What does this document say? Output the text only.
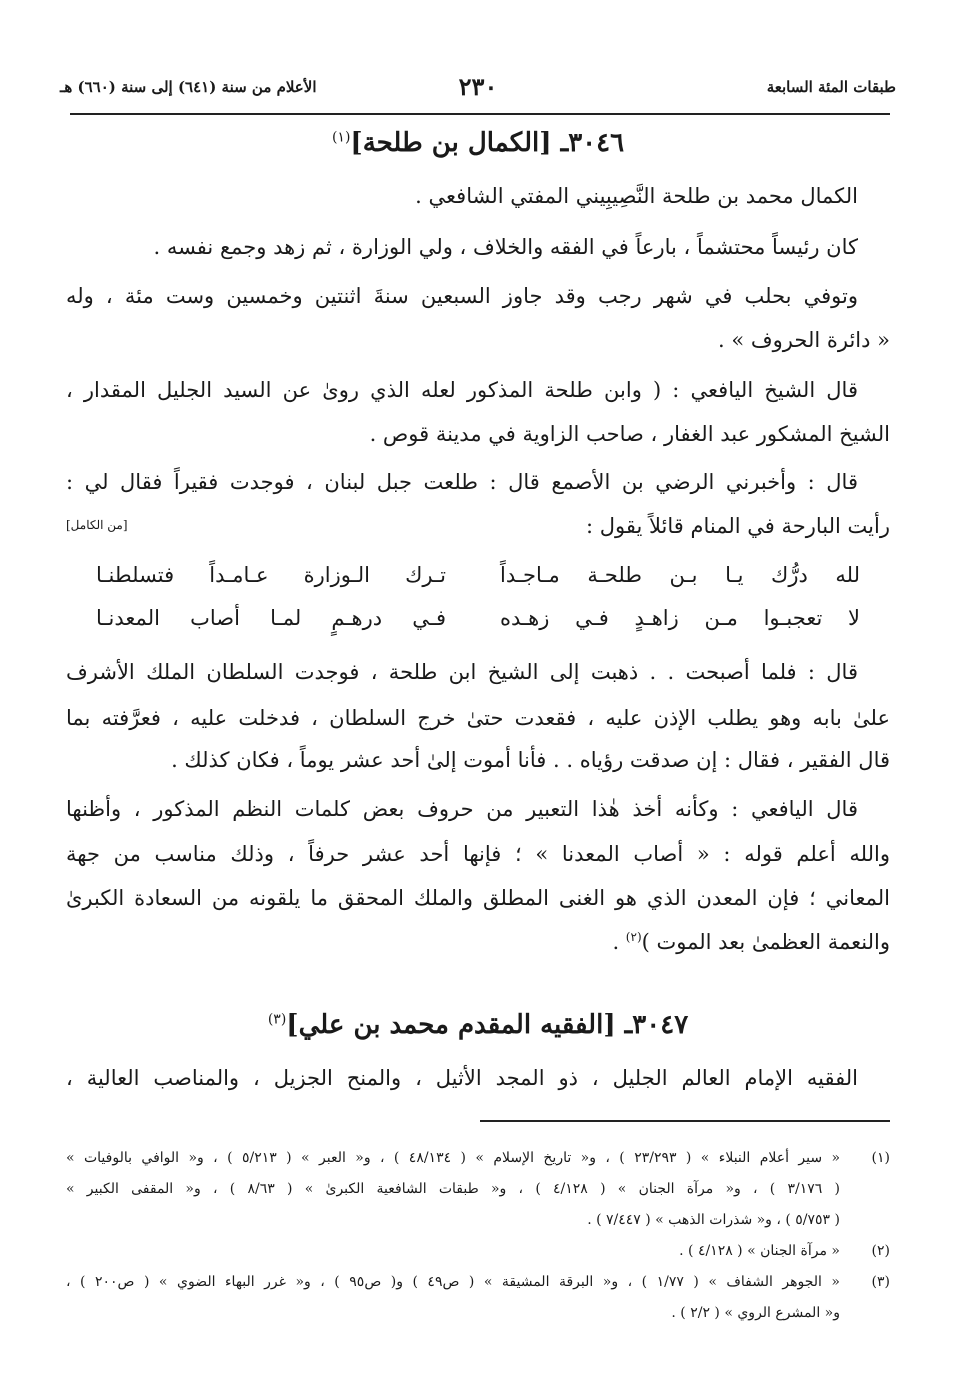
طبقات المئة السابعة
٢٣٠
الأعلام من سنة (٦٤١) إلى سنة (٦٦٠) هـ
٣٠٤٦ـ [الكمال بن طلحة]$^{(١)}$
الكمال محمد بن طلحة النَّصِيبِيني المفتي الشافعي .
كان رئيساً محتشماً ، بارعاً في الفقه والخلاف ، ولي الوزارة ، ثم زهد وجمع نفسه .
وتوفي بحلب في شهر رجب وقد جاوز السبعين سنةَ اثنتين وخمسين وست مئة ، وله
« دائرة الحروف » .
قال الشيخ اليافعي : ( وابن طلحة المذكور لعله الذي روىٰ عن السيد الجليل المقدار ،
الشيخ المشكور عبد الغفار ، صاحب الزاوية في مدينة قوص .
قال : وأخبرني الرضي بن الأصمع قال : طلعت جبل لبنان ، فوجدت فقيراً فقال لي :
رأيت البارحة في المنام قائلاً يقول :
[من الكامل]
لله درُّك يـا بـن طلحـة مـاجـداً
تـرك الـوزارة عـامـداً فتسلطنـا
لا تعجبـوا مـن زاهـدٍ فـي زهـده
فـي درهـمٍ لمـا أصاب المعدنـا
قال : فلما أصبحت . . ذهبت إلى الشيخ ابن طلحة ، فوجدت السلطان الملك الأشرف
علىٰ بابه وهو يطلب الإذن عليه ، فقعدت حتىٰ خرج السلطان ، فدخلت عليه ، فعرَّفته بما
قال الفقير ، فقال : إن صدقت رؤياه . . فأنا أموت إلىٰ أحد عشر يوماً ، فكان كذلك .
قال اليافعي : وكأنه أخذ هٰذا التعبير من حروف بعض كلمات النظم المذكور ، وأظنها
والله أعلم قوله : « أصاب المعدنا » ؛ فإنها أحد عشر حرفاً ، وذلك مناسب من جهة
المعاني ؛ فإن المعدن الذي هو الغنى المطلق والملك المحقق ما يلقونه من السعادة الكبرىٰ
والنعمة العظمىٰ بعد الموت )$^{(٢)}$ .
٣٠٤٧ـ [الفقيه المقدم محمد بن علي]$^{(٣)}$
الفقيه الإمام العالم الجليل ، ذو المجد الأثيل ، والمنح الجزيل ، والمناصب العالية ،
(١)
« سير أعلام النبلاء » ( ٢٣/٢٩٣ ) ، و« تاريخ الإسلام » ( ٤٨/١٣٤ ) ، و« العبر » ( ٥/٢١٣ ) ، و« الوافي بالوفيات »
( ٣/١٧٦ ) ، و« مرآة الجنان » ( ٤/١٢٨ ) ، و« طبقات الشافعية الكبرىٰ » ( ٨/٦٣ ) ، و« المقفى الكبير »
( ٥/٧٥٣ ) ، و« شذرات الذهب » ( ٧/٤٤٧ ) .
(٢)
« مرآة الجنان » ( ٤/١٢٨ ) .
(٣)
« الجوهر الشفاف » ( ١/٧٧ ) ، و« البرقة المشيقة » ( ص٤٩ ) و( ص٩٥ ) ، و« غرر البهاء الضوي » ( ص٢٠٠ ) ،
و« المشرع الروي » ( ٢/٢ ) .
